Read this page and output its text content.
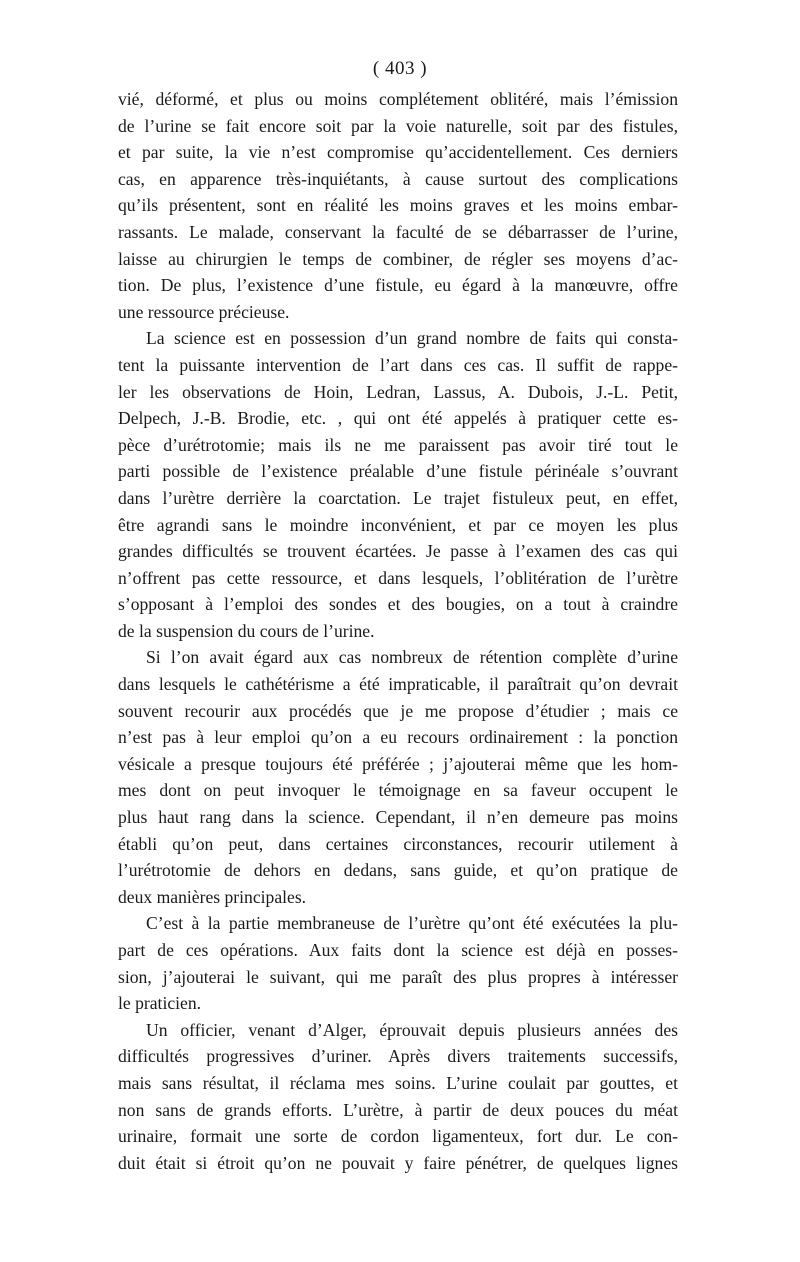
( 403 )

vié, déformé, et plus ou moins complétement oblitéré, mais l’émission
de l’urine se fait encore soit par la voie naturelle, soit par des fistules,
et par suite, la vie n’est compromise qu’accidentellement. Ces derniers
cas, en apparence très-inquiétants, à cause surtout des complications
qu’ils présentent, sont en réalité les moins graves et les moins embar-
rassants. Le malade, conservant la faculté de se débarrasser de l’urine,
laisse au chirurgien le temps de combiner, de régler ses moyens d’ac-
tion. De plus, l’existence d’une fistule, eu égard à la manœuvre, offre
une ressource précieuse.

La science est en possession d’un grand nombre de faits qui consta-
tent la puissante intervention de l’art dans ces cas. Il suffit de rappe-
ler les observations de Hoin, Ledran, Lassus, A. Dubois, J.-L. Petit,
Delpech, J.-B. Brodie, etc. , qui ont été appelés à pratiquer cette es-
pèce d’urétrotomie; mais ils ne me paraissent pas avoir tiré tout le
parti possible de l’existence préalable d’une fistule périnéale s’ouvrant
dans l’urètre derrière la coarctation. Le trajet fistuleux peut, en effet,
être agrandi sans le moindre inconvénient, et par ce moyen les plus
grandes difficultés se trouvent écartées. Je passe à l’examen des cas qui
n’offrent pas cette ressource, et dans lesquels, l’oblitération de l’urètre
s’opposant à l’emploi des sondes et des bougies, on a tout à craindre
de la suspension du cours de l’urine.

Si l’on avait égard aux cas nombreux de rétention complète d’urine
dans lesquels le cathétérisme a été impraticable, il paraîtrait qu’on devrait
souvent recourir aux procédés que je me propose d’étudier ; mais ce
n’est pas à leur emploi qu’on a eu recours ordinairement : la ponction
vésicale a presque toujours été préférée ; j’ajouterai même que les hom-
mes dont on peut invoquer le témoignage en sa faveur occupent le
plus haut rang dans la science. Cependant, il n’en demeure pas moins
établi qu’on peut, dans certaines circonstances, recourir utilement à
l’urétrotomie de dehors en dedans, sans guide, et qu’on pratique de
deux manières principales.

C’est à la partie membraneuse de l’urètre qu’ont été exécutées la plu-
part de ces opérations. Aux faits dont la science est déjà en posses-
sion, j’ajouterai le suivant, qui me paraît des plus propres à intéresser
le praticien.

Un officier, venant d’Alger, éprouvait depuis plusieurs années des
difficultés progressives d’uriner. Après divers traitements successifs,
mais sans résultat, il réclama mes soins. L’urine coulait par gouttes, et
non sans de grands efforts. L’urètre, à partir de deux pouces du méat
urinaire, formait une sorte de cordon ligamenteux, fort dur. Le con-
duit était si étroit qu’on ne pouvait y faire pénétrer, de quelques lignes
